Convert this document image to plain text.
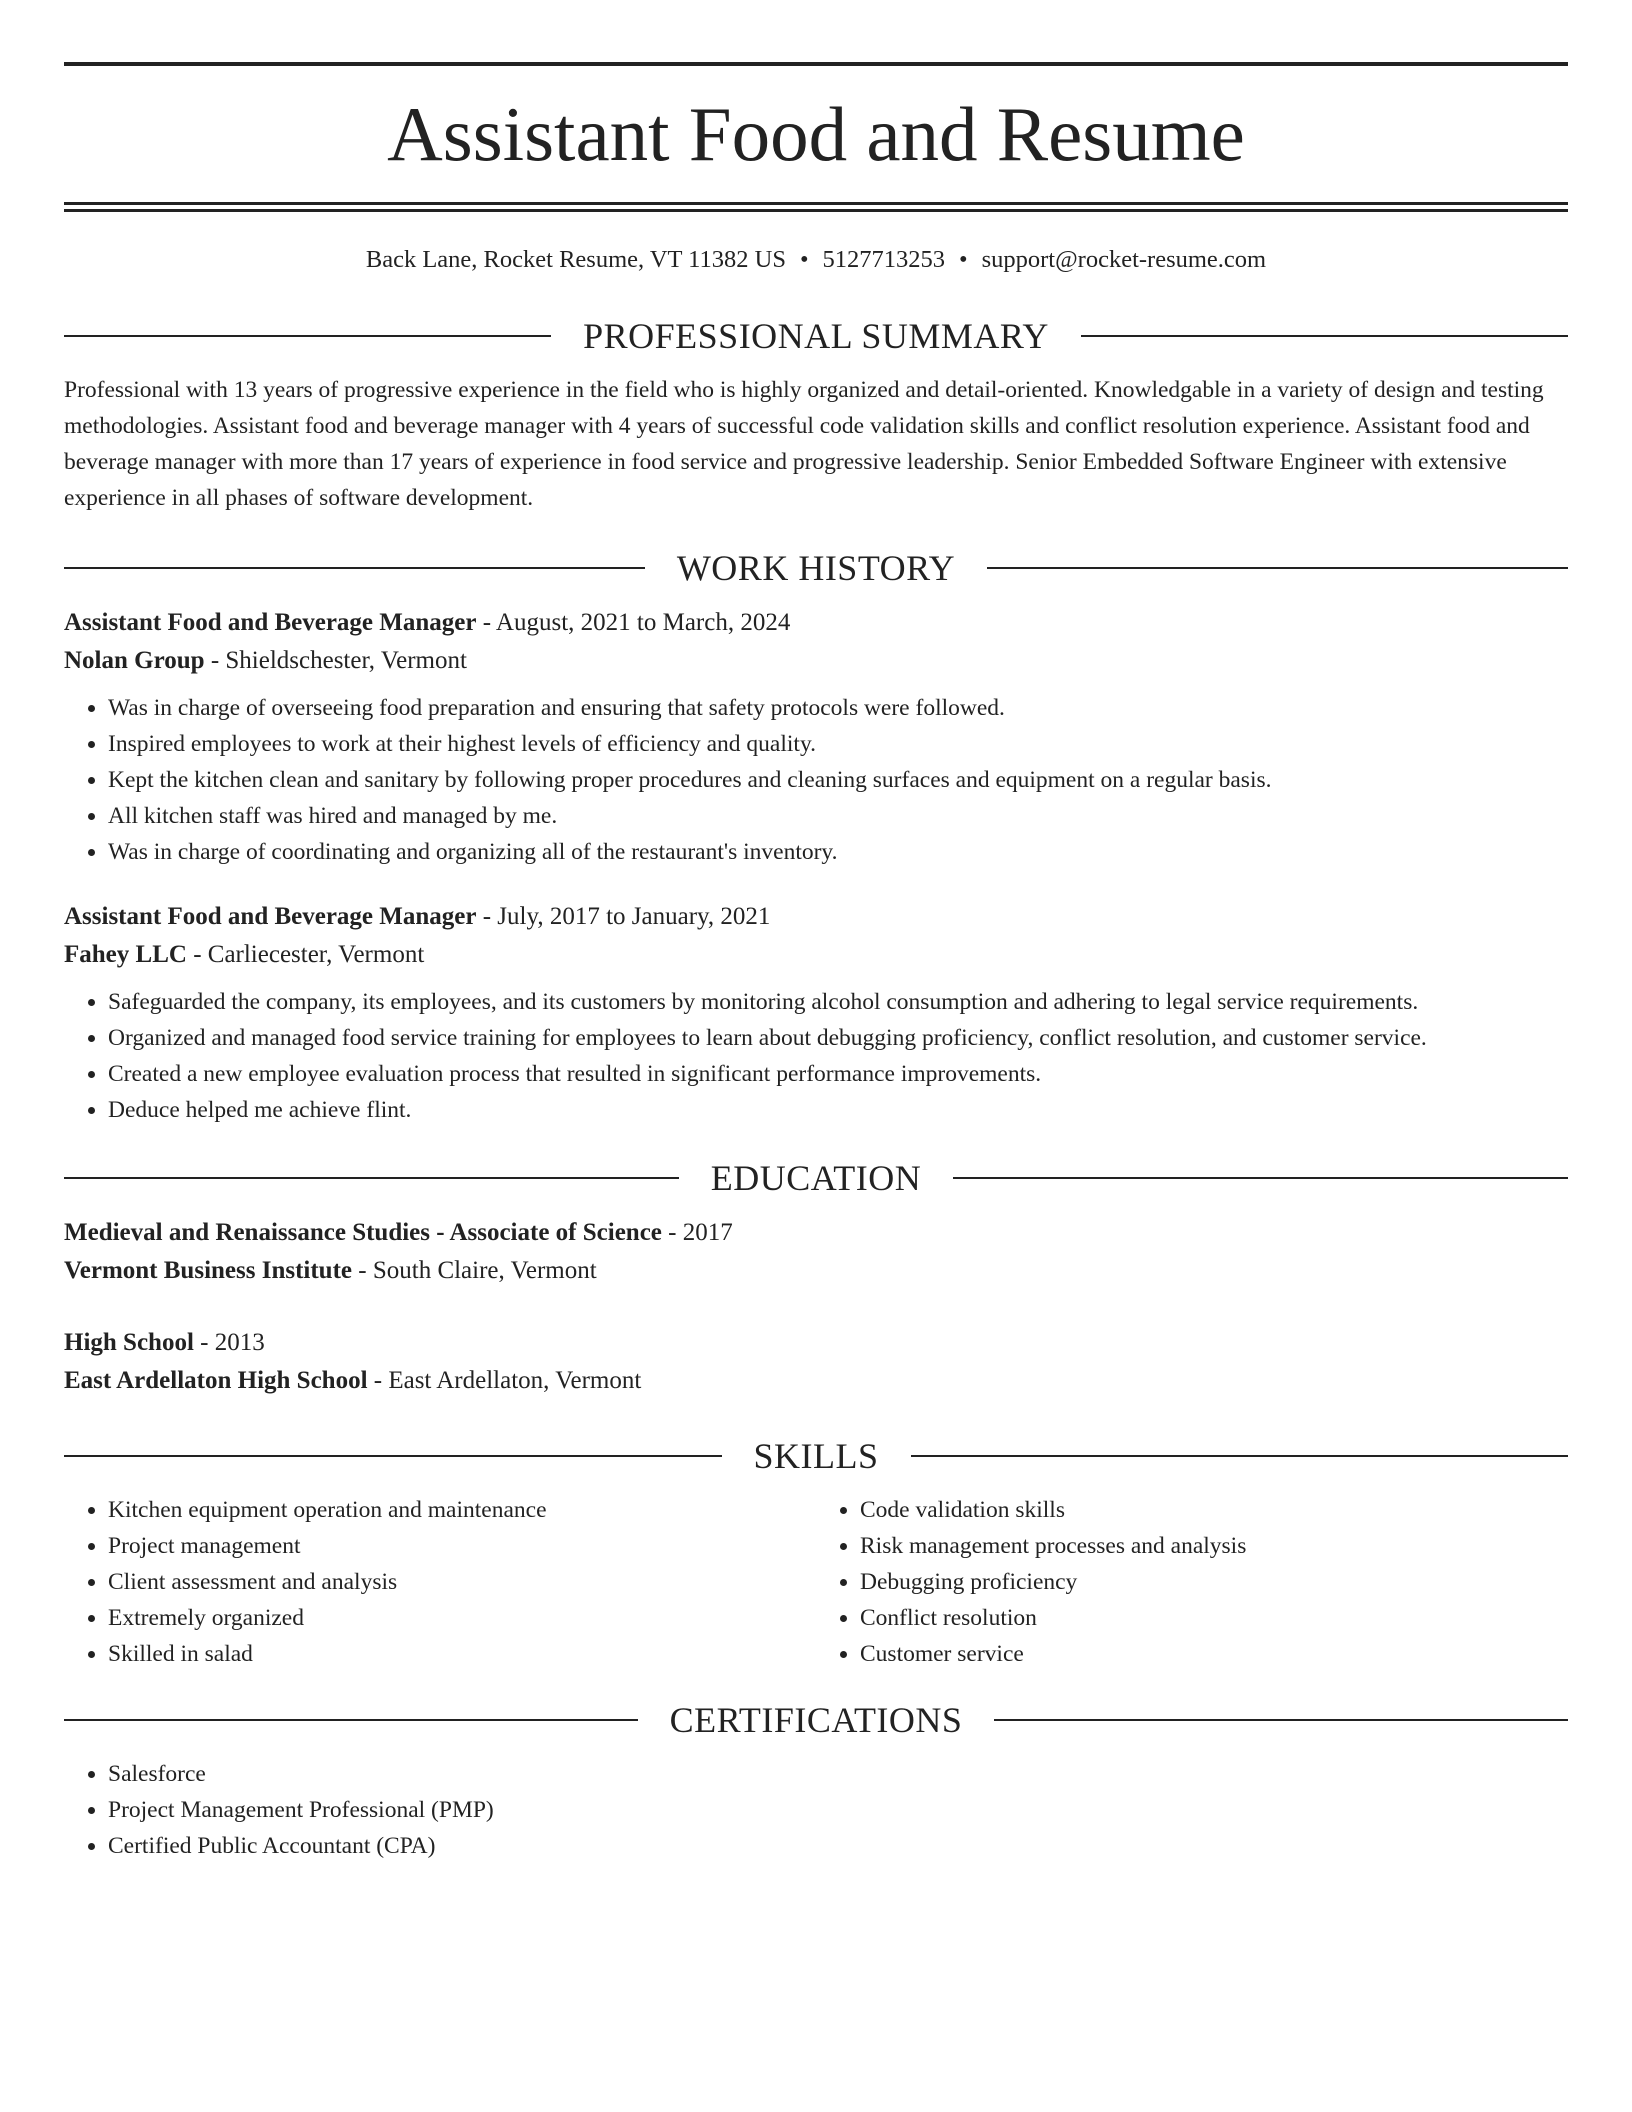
Assistant Food and Resume
Back Lane, Rocket Resume, VT 11382 US • 5127713253 • support@rocket-resume.com
PROFESSIONAL SUMMARY

Professional with 13 years of progressive experience in the field who is highly organized and detail-oriented. Knowledgable in a variety of design and testing methodologies. Assistant food and beverage manager with 4 years of successful code validation skills and conflict resolution experience. Assistant food and beverage manager with more than 17 years of experience in food service and progressive leadership. Senior Embedded Software Engineer with extensive experience in all phases of software development.

WORK HISTORY
Assistant Food and Beverage Manager - August, 2021 to March, 2024
Nolan Group - Shieldschester, Vermont
• Was in charge of overseeing food preparation and ensuring that safety protocols were followed.
• Inspired employees to work at their highest levels of efficiency and quality.
• Kept the kitchen clean and sanitary by following proper procedures and cleaning surfaces and equipment on a regular basis.
• All kitchen staff was hired and managed by me.
• Was in charge of coordinating and organizing all of the restaurant's inventory.
Assistant Food and Beverage Manager - July, 2017 to January, 2021
Fahey LLC - Carliecester, Vermont
• Safeguarded the company, its employees, and its customers by monitoring alcohol consumption and adhering to legal service requirements.
• Organized and managed food service training for employees to learn about debugging proficiency, conflict resolution, and customer service.
• Created a new employee evaluation process that resulted in significant performance improvements.
• Deduce helped me achieve flint.
EDUCATION
Medieval and Renaissance Studies - Associate of Science - 2017
Vermont Business Institute - South Claire, Vermont
High School - 2013
East Ardellaton High School - East Ardellaton, Vermont
SKILLS
• Kitchen equipment operation and maintenance
• Project management
• Client assessment and analysis
• Extremely organized
• Skilled in salad
• Code validation skills
• Risk management processes and analysis
• Debugging proficiency
• Conflict resolution
• Customer service
CERTIFICATIONS
• Salesforce
• Project Management Professional (PMP)
• Certified Public Accountant (CPA)
